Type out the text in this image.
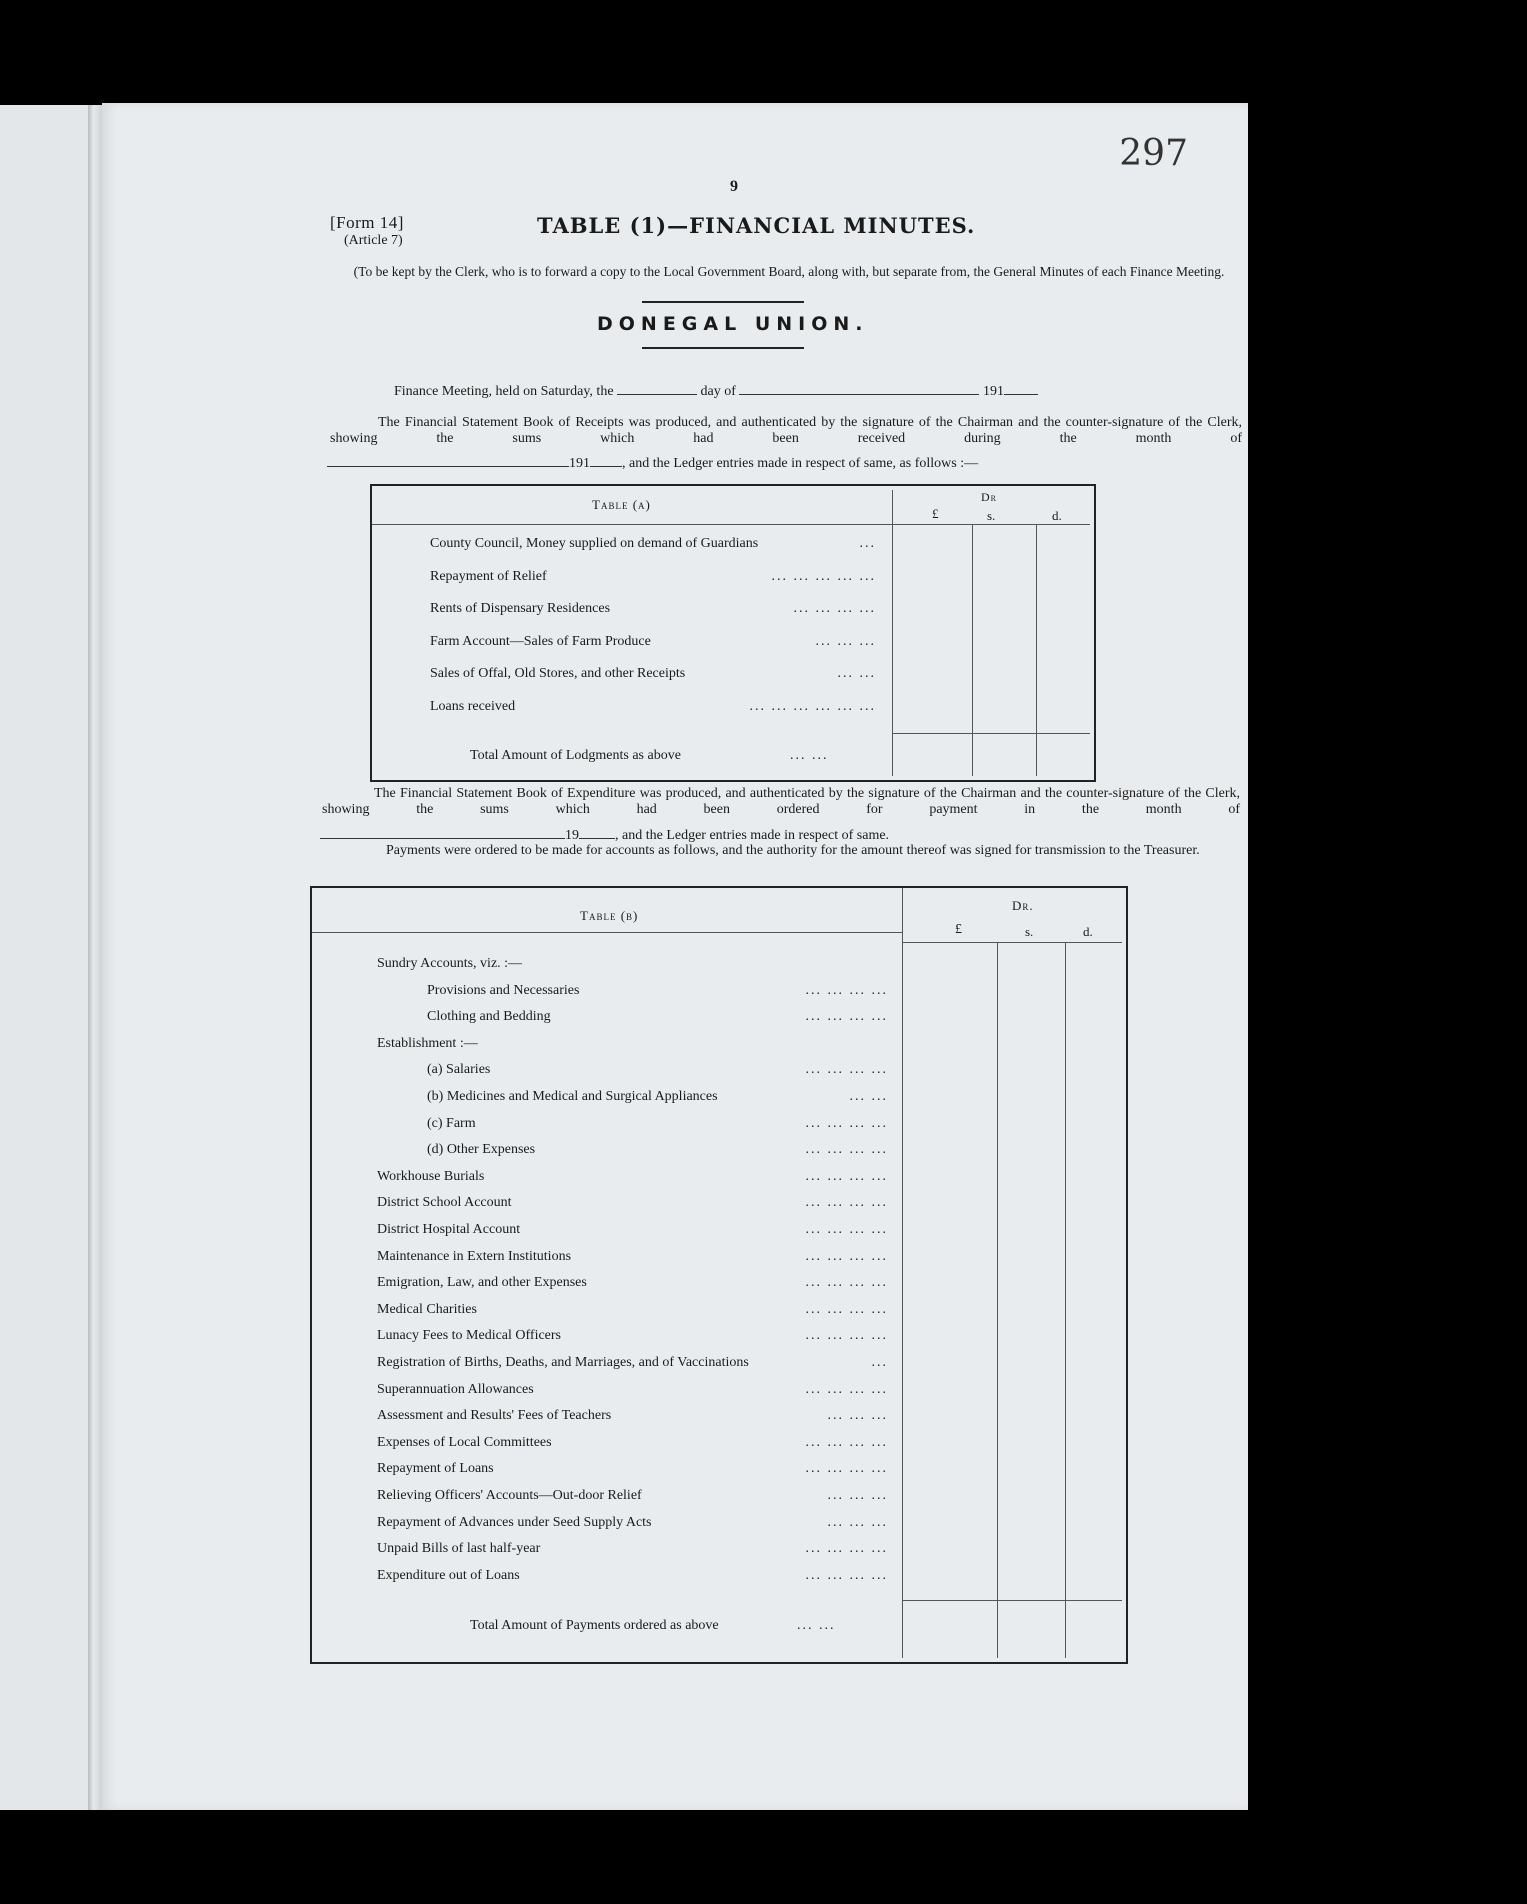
297
9
[Form 14]
(Article 7)
TABLE (1)—FINANCIAL MINUTES.
(To be kept by the Clerk, who is to forward a copy to the Local Government Board, along with, but separate from, the General Minutes of each Finance Meeting.
DONEGAL UNION.
Finance Meeting, held on Saturday, the	day of	191
The Financial Statement Book of Receipts was produced, and authenticated by the signature of the Chairman and the counter-signature of the Clerk, showing the sums which had been received during the month of
191 , and the Ledger entries made in respect of same, as follows :—
Table (a)	Dr
£	s.	d.
County Council, Money supplied on demand of Guardians	...
Repayment of Relief	... ... ... ... ...
Rents of Dispensary Residences	... ... ... ...
Farm Account—Sales of Farm Produce	... ... ...
Sales of Offal, Old Stores, and other Receipts	... ...
Loans received	... ... ... ... ... ...
Total Amount of Lodgments as above	... ...
The Financial Statement Book of Expenditure was produced, and authenticated by the signature of the Chairman and the counter-signature of the Clerk, showing the sums which had been ordered for payment in the month of
19	, and the Ledger entries made in respect of same.
Payments were ordered to be made for accounts as follows, and the authority for the amount thereof was signed for transmission to the Treasurer.
Table (b)
Dr.
£	s.	d.
Sundry Accounts, viz. :—
Provisions and Necessaries	... ... ... ...
Clothing and Bedding	... ... ... ...
Establishment :—
(a) Salaries	... ... ... ...
(b) Medicines and Medical and Surgical Appliances	... ...
(c) Farm	... ... ... ...
(d) Other Expenses	... ... ... ...
Workhouse Burials	... ... ... ...
District School Account	... ... ... ...
District Hospital Account	... ... ... ...
Maintenance in Extern Institutions	... ... ... ...
Emigration, Law, and other Expenses	... ... ... ...
Medical Charities	... ... ... ...
Lunacy Fees to Medical Officers	... ... ... ...
Registration of Births, Deaths, and Marriages, and of Vaccinations	...
Superannuation Allowances	... ... ... ...
Assessment and Results' Fees of Teachers	... ... ...
Expenses of Local Committees	... ... ... ...
Repayment of Loans	... ... ... ...
Relieving Officers' Accounts—Out-door Relief	... ... ...
Repayment of Advances under Seed Supply Acts	... ... ...
Unpaid Bills of last half-year	... ... ... ...
Expenditure out of Loans	... ... ... ...
Total Amount of Payments ordered as above	... ...
